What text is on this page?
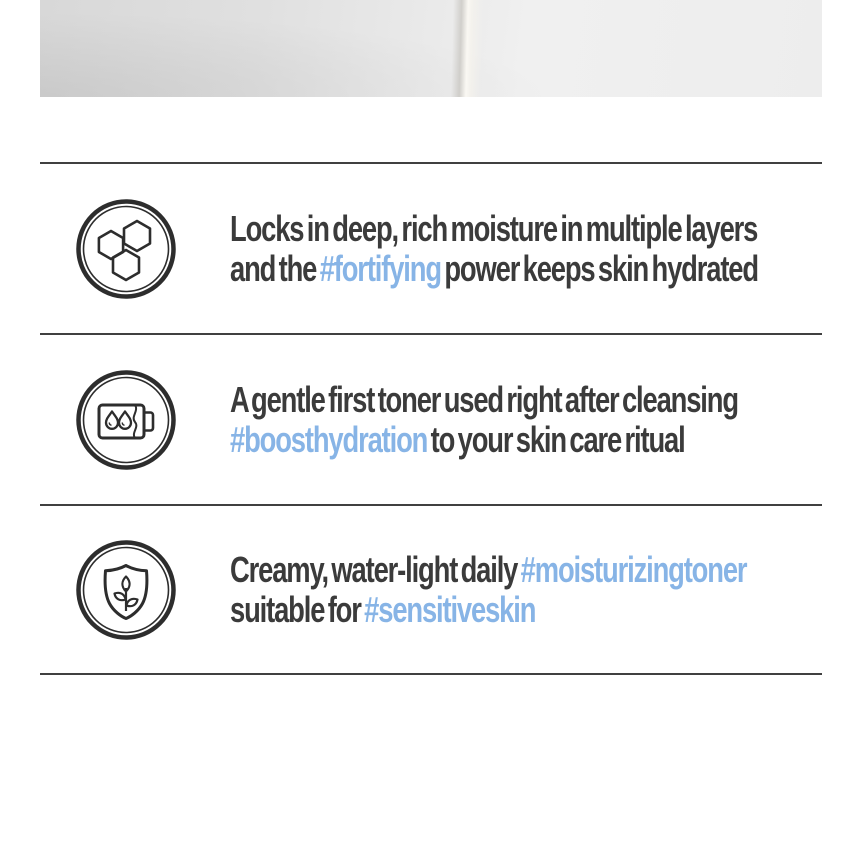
Locks in deep, rich moisture in multiple layers
and the #fortifying power keeps skin hydrated
A gentle first toner used right after cleansing
#boosthydration to your skin care ritual
Creamy, water-light daily #moisturizingtoner
suitable for #sensitiveskin
